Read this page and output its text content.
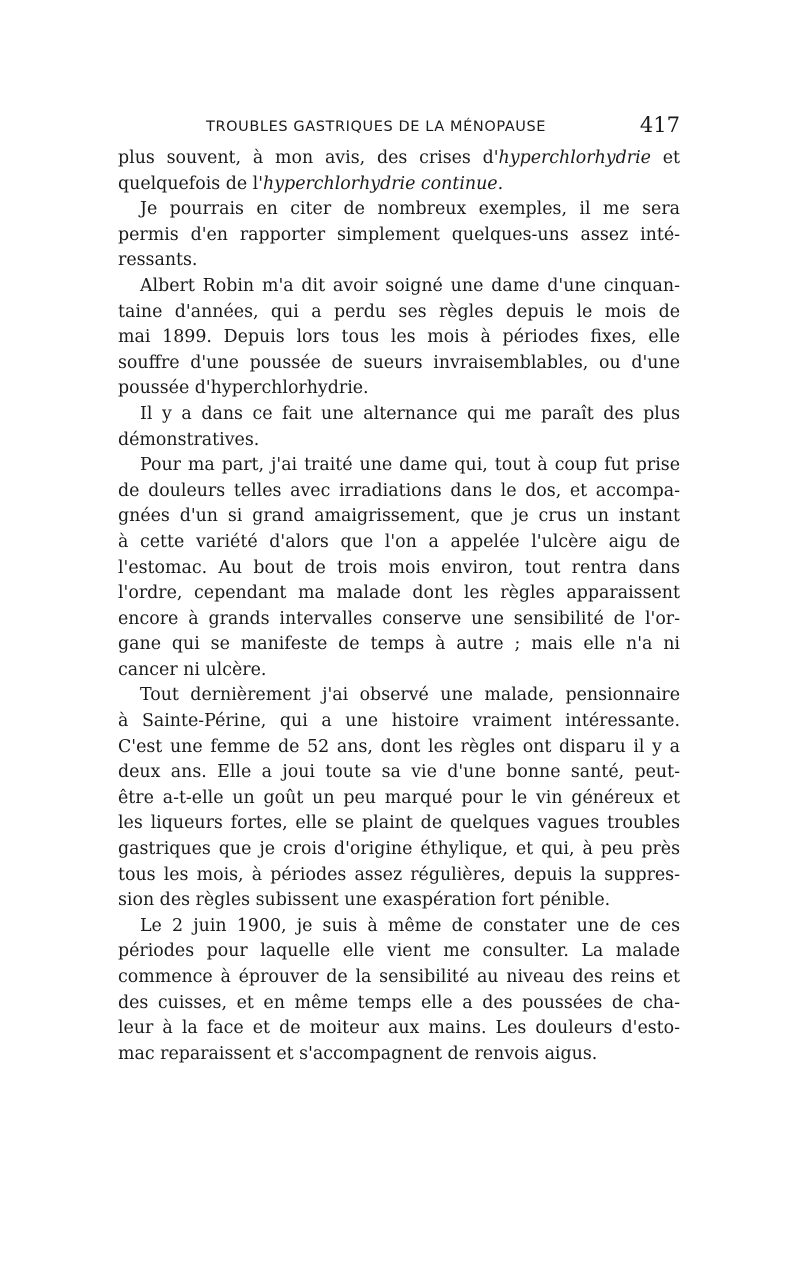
TROUBLES GASTRIQUES DE LA MÉNOPAUSE	417
plus souvent, à mon avis, des crises d'hyperchlorhydrie et
quelquefois de l'hyperchlorhydrie continue.
Je pourrais en citer de nombreux exemples, il me sera
permis d'en rapporter simplement quelques-uns assez inté-
ressants.
Albert Robin m'a dit avoir soigné une dame d'une cinquan-
taine d'années, qui a perdu ses règles depuis le mois de
mai 1899. Depuis lors tous les mois à périodes fixes, elle
souffre d'une poussée de sueurs invraisemblables, ou d'une
poussée d'hyperchlorhydrie.
Il y a dans ce fait une alternance qui me paraît des plus
démonstratives.
Pour ma part, j'ai traité une dame qui, tout à coup fut prise
de douleurs telles avec irradiations dans le dos, et accompa-
gnées d'un si grand amaigrissement, que je crus un instant
à cette variété d'alors que l'on a appelée l'ulcère aigu de
l'estomac. Au bout de trois mois environ, tout rentra dans
l'ordre, cependant ma malade dont les règles apparaissent
encore à grands intervalles conserve une sensibilité de l'or-
gane qui se manifeste de temps à autre ; mais elle n'a ni
cancer ni ulcère.
Tout dernièrement j'ai observé une malade, pensionnaire
à Sainte-Périne, qui a une histoire vraiment intéressante.
C'est une femme de 52 ans, dont les règles ont disparu il y a
deux ans. Elle a joui toute sa vie d'une bonne santé, peut-
être a-t-elle un goût un peu marqué pour le vin généreux et
les liqueurs fortes, elle se plaint de quelques vagues troubles
gastriques que je crois d'origine éthylique, et qui, à peu près
tous les mois, à périodes assez régulières, depuis la suppres-
sion des règles subissent une exaspération fort pénible.
Le 2 juin 1900, je suis à même de constater une de ces
périodes pour laquelle elle vient me consulter. La malade
commence à éprouver de la sensibilité au niveau des reins et
des cuisses, et en même temps elle a des poussées de cha-
leur à la face et de moiteur aux mains. Les douleurs d'esto-
mac reparaissent et s'accompagnent de renvois aigus.
